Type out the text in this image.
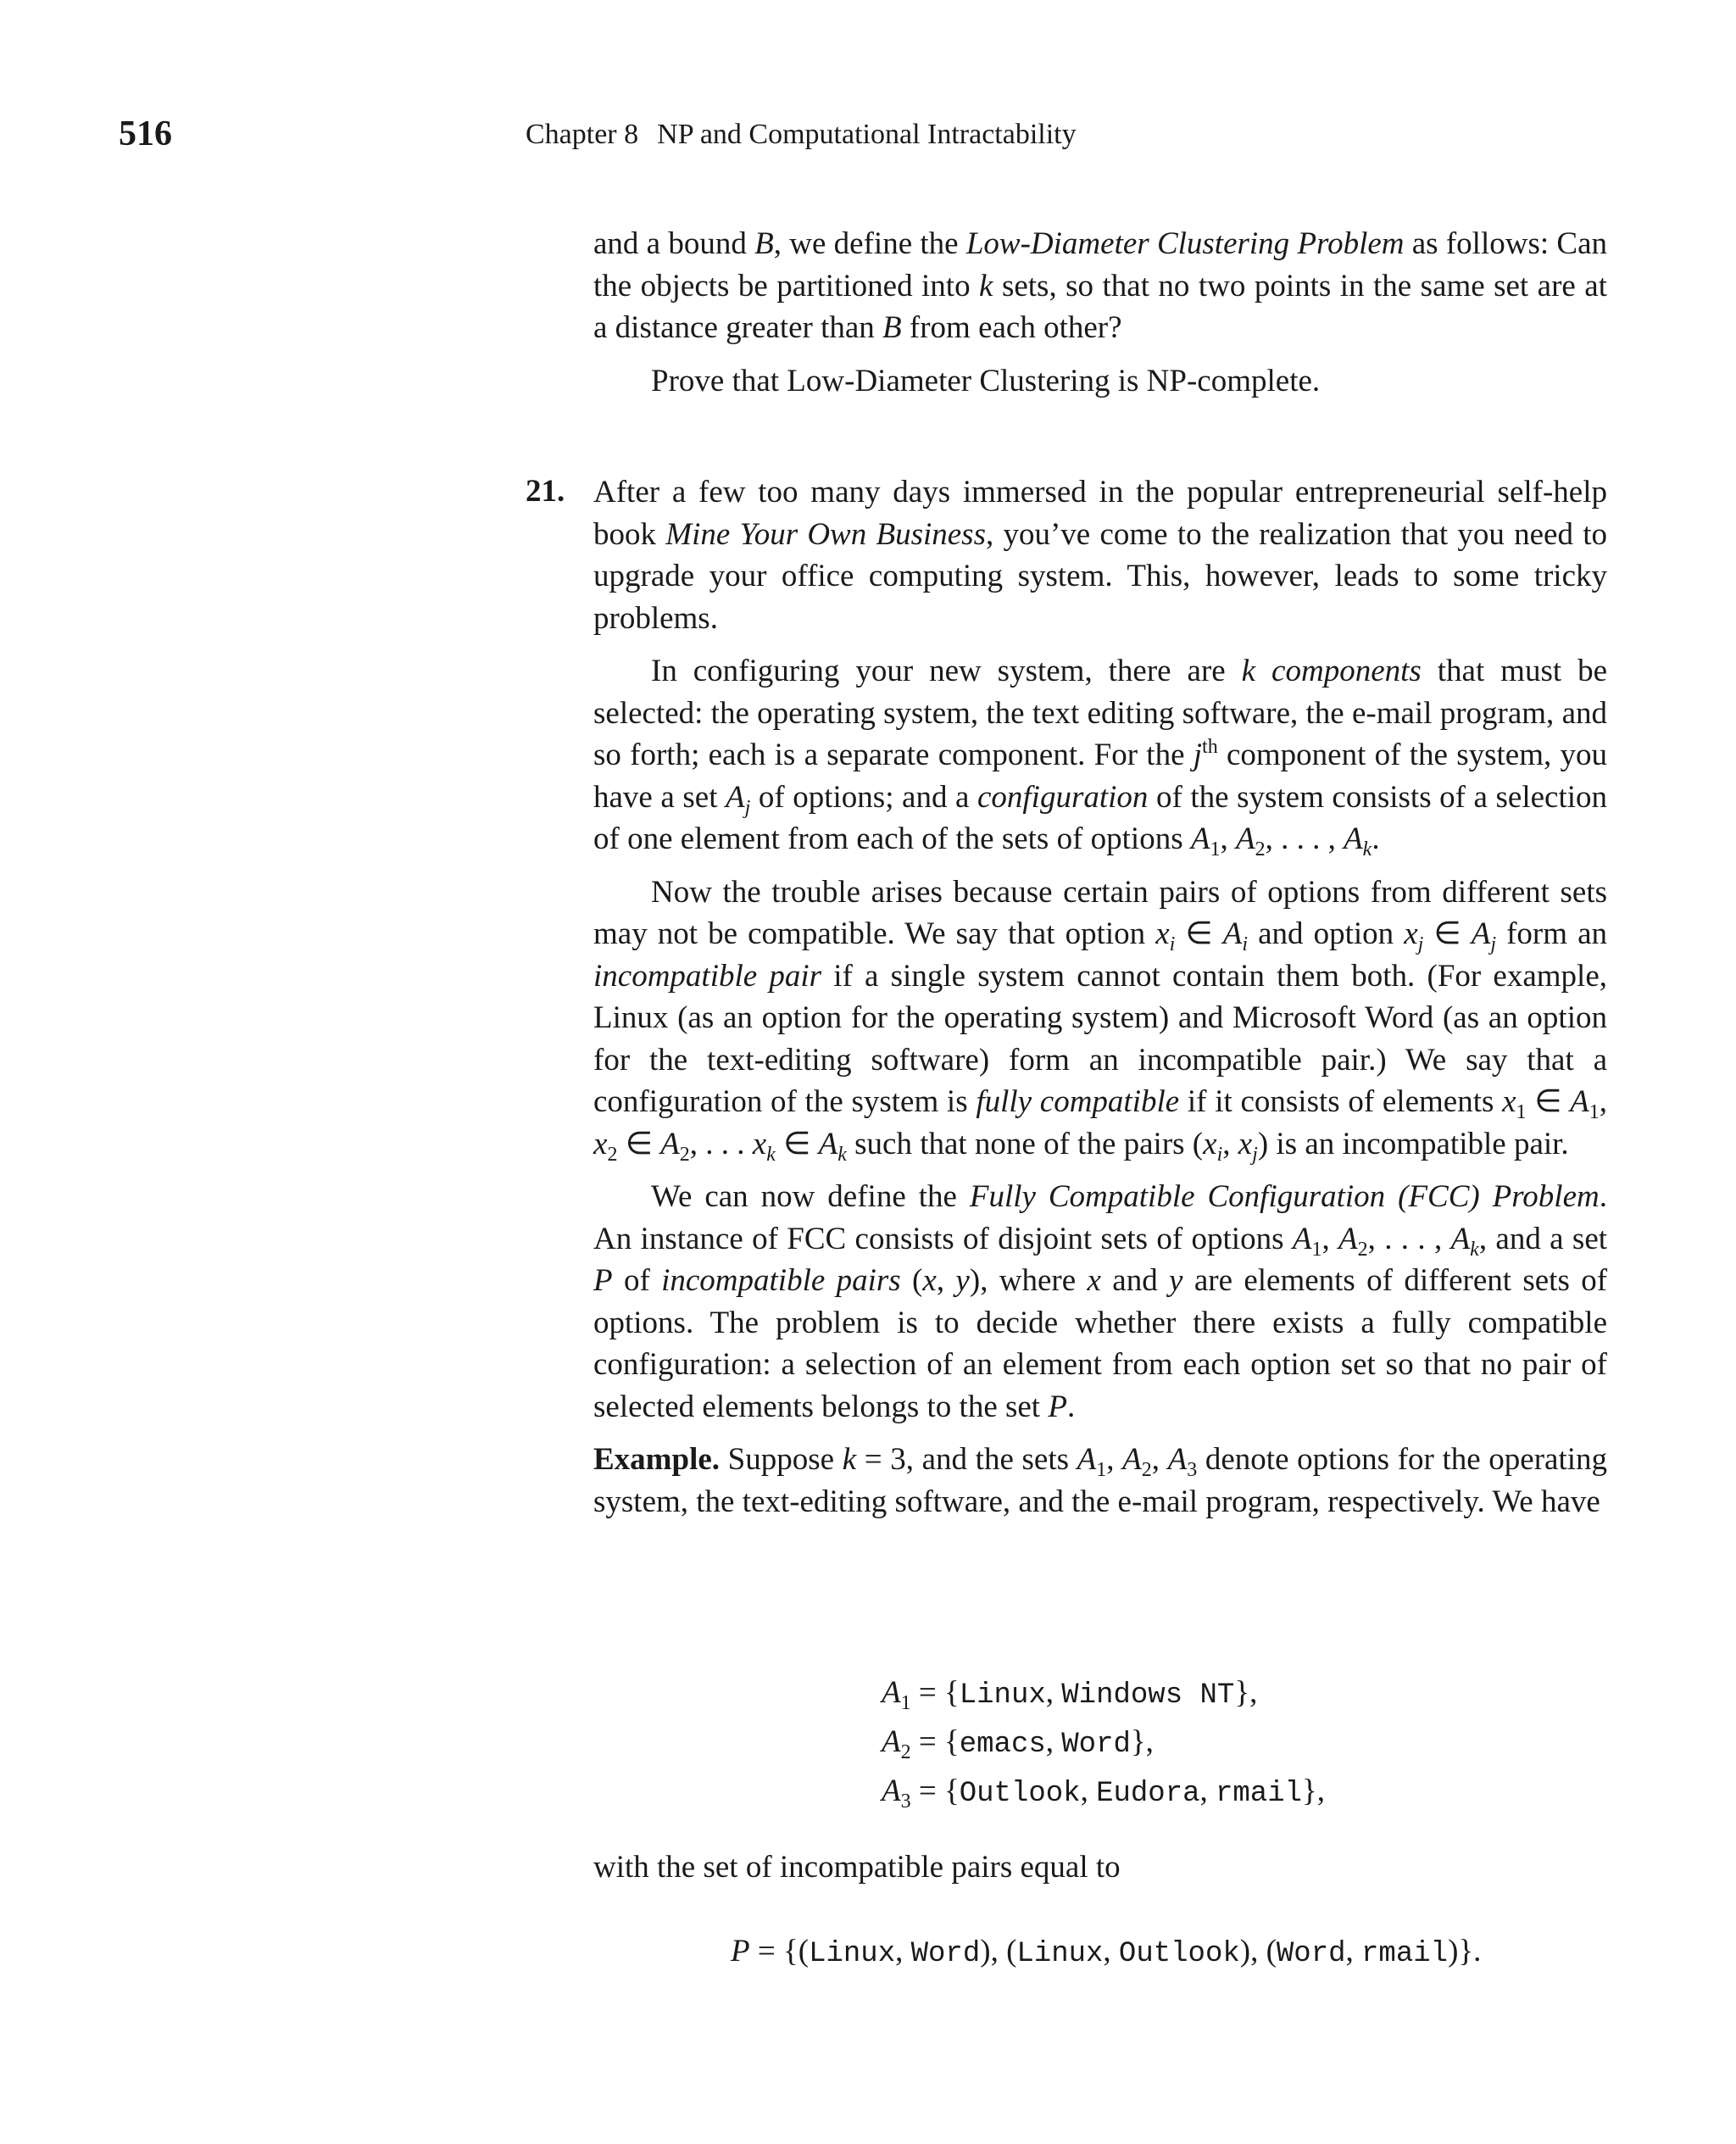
516	Chapter 8 NP and Computational Intractability

and a bound B, we define the Low-Diameter Clustering Problem as follows: Can the objects be partitioned into k sets, so that no two points in the same set are at a distance greater than B from each other?

Prove that Low-Diameter Clustering is NP-complete.

21. After a few too many days immersed in the popular entrepreneurial self-help book Mine Your Own Business, you’ve come to the realization that you need to upgrade your office computing system. This, however, leads to some tricky problems.

In configuring your new system, there are k components that must be selected: the operating system, the text editing software, the e-mail program, and so forth; each is a separate component. For the $j^{th}$ component of the system, you have a set $A_j$ of options; and a configuration of the system consists of a selection of one element from each of the sets of options $A_1$, $A_2$, . . . , $A_k$.

Now the trouble arises because certain pairs of options from different sets may not be compatible. We say that option $x_i$ ∈ $A_i$ and option $x_j$ ∈ $A_j$ form an incompatible pair if a single system cannot contain them both. (For example, Linux (as an option for the operating system) and Microsoft Word (as an option for the text-editing software) form an incompatible pair.) We say that a configuration of the system is fully compatible if it consists of elements $x_1$ ∈ $A_1$, $x_2$ ∈ $A_2$, . . . $x_k$ ∈ $A_k$ such that none of the pairs ($x_i$, $x_j$) is an incompatible pair.

We can now define the Fully Compatible Configuration (FCC) Problem. An instance of FCC consists of disjoint sets of options $A_1$, $A_2$, . . . , $A_k$, and a set P of incompatible pairs (x, y), where x and y are elements of different sets of options. The problem is to decide whether there exists a fully compatible configuration: a selection of an element from each option set so that no pair of selected elements belongs to the set P.

Example. Suppose k = 3, and the sets $A_1$, $A_2$, $A_3$ denote options for the operating system, the text-editing software, and the e-mail program, respectively. We have

$A_1$ = {Linux, Windows NT},
$A_2$ = {emacs, Word},
$A_3$ = {Outlook, Eudora, rmail},

with the set of incompatible pairs equal to

P = {(Linux, Word), (Linux, Outlook), (Word, rmail)}.
